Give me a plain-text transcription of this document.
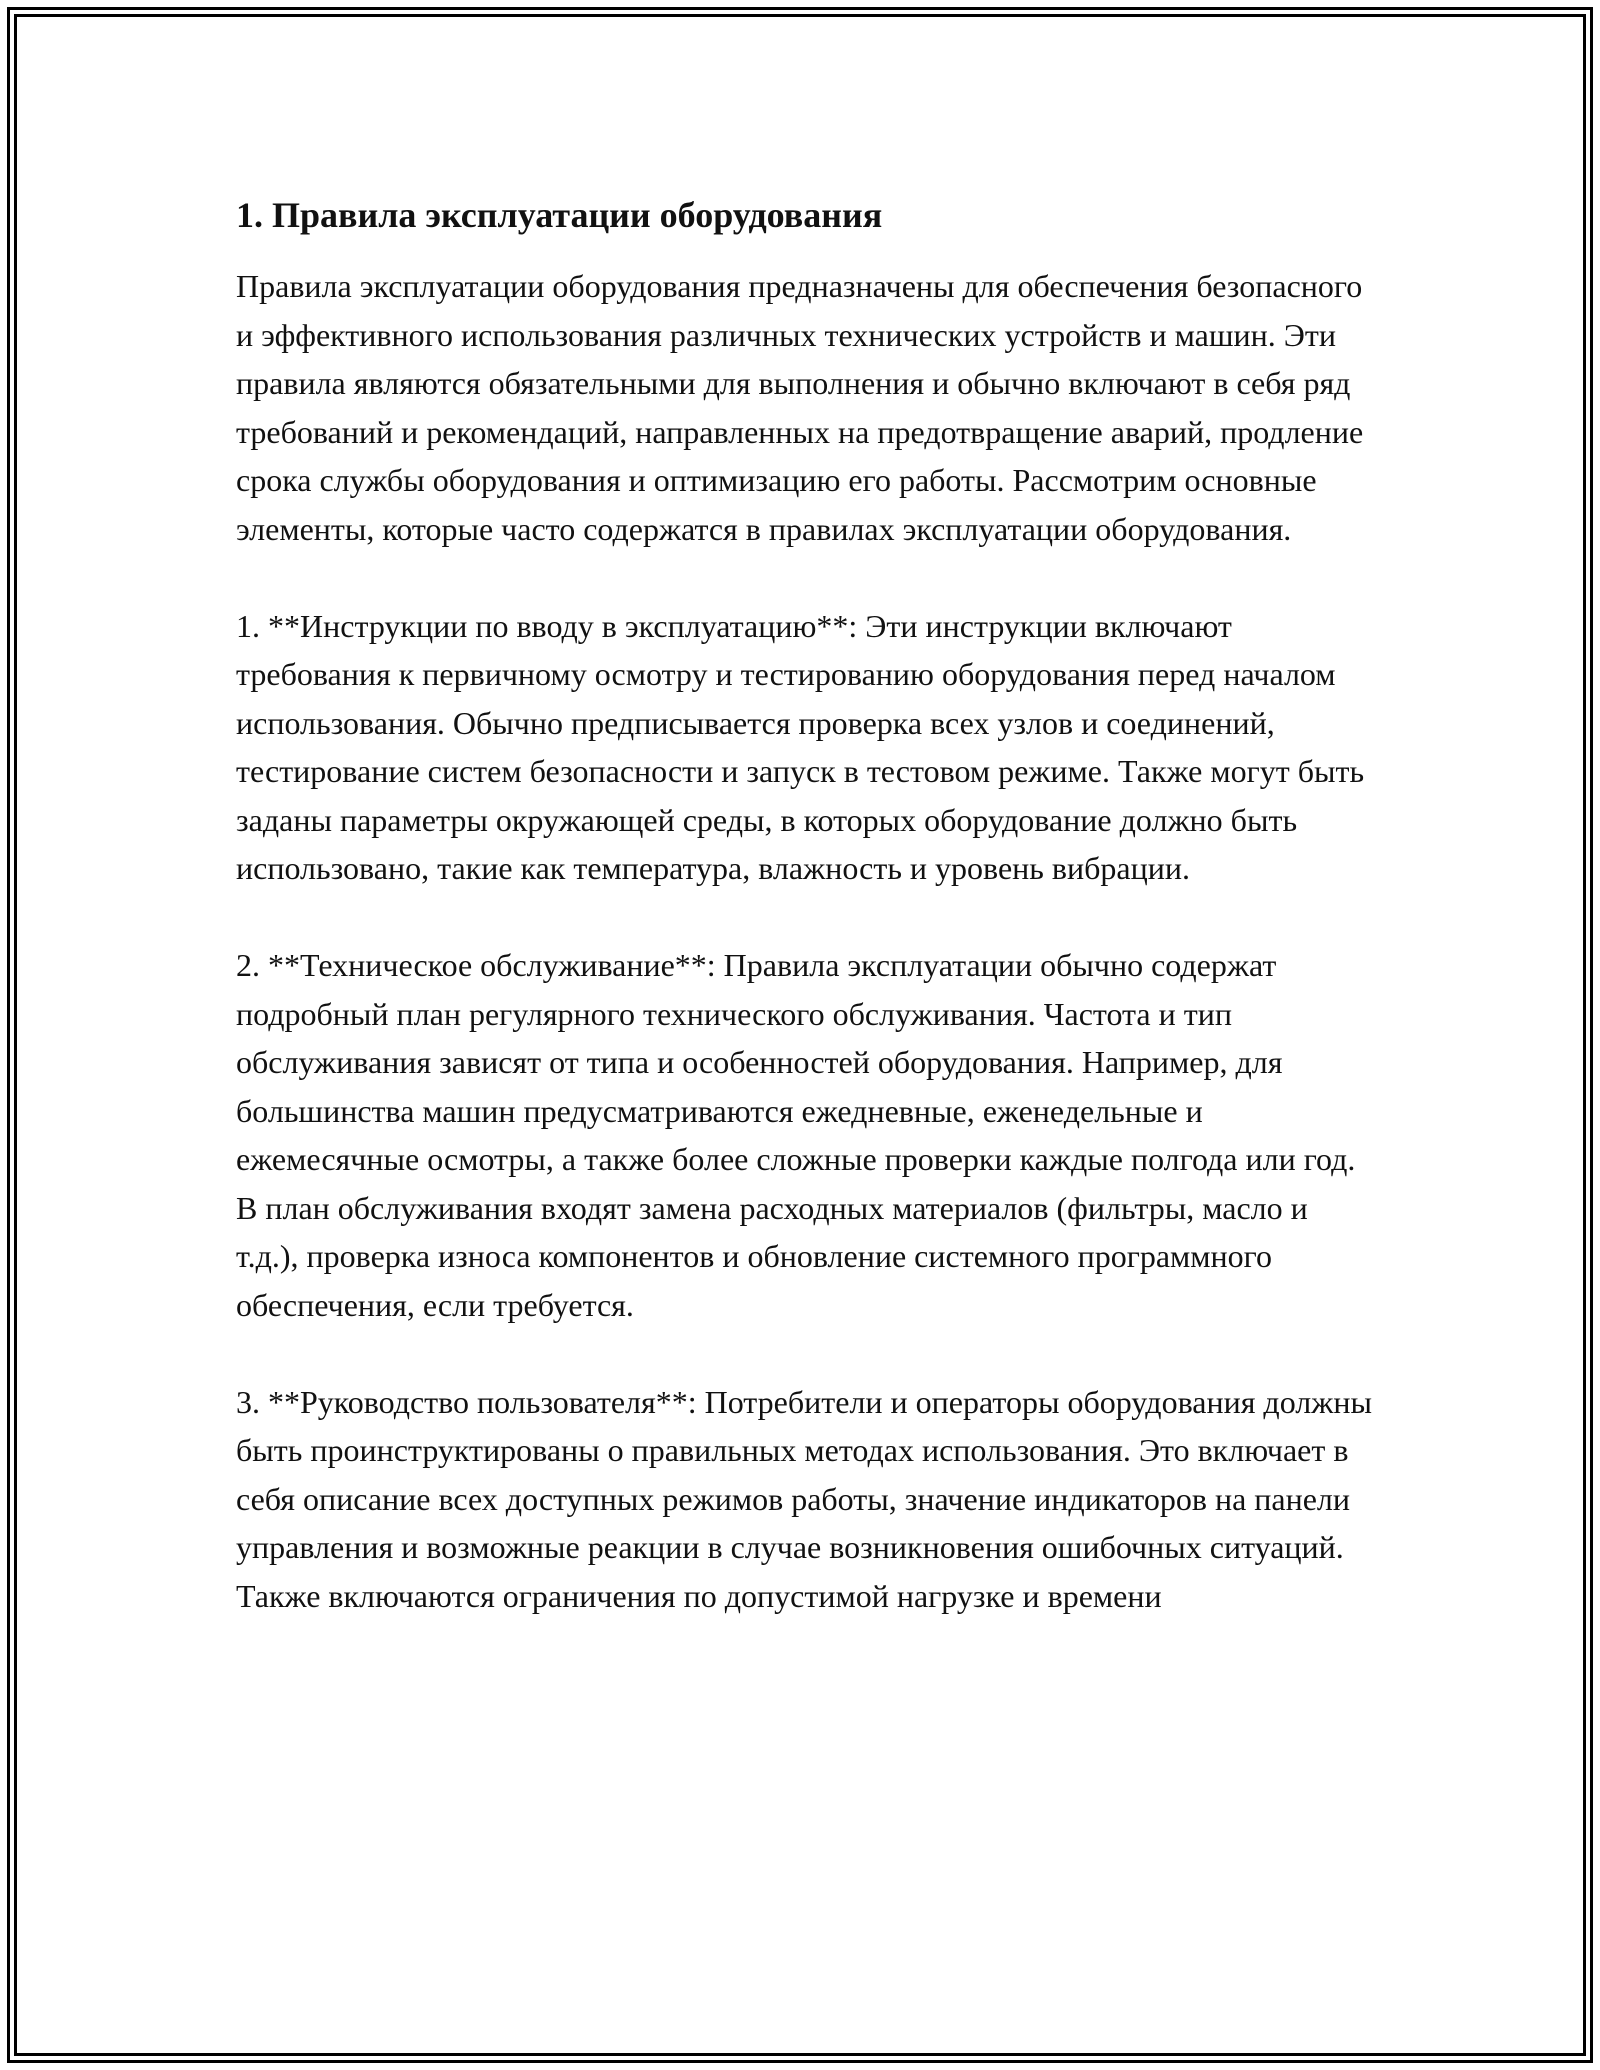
1. Правила эксплуатации оборудования

Правила эксплуатации оборудования предназначены для обеспечения безопасного и эффективного использования различных технических устройств и машин. Эти правила являются обязательными для выполнения и обычно включают в себя ряд требований и рекомендаций, направленных на предотвращение аварий, продление срока службы оборудования и оптимизацию его работы. Рассмотрим основные элементы, которые часто содержатся в правилах эксплуатации оборудования.

1. **Инструкции по вводу в эксплуатацию**: Эти инструкции включают требования к первичному осмотру и тестированию оборудования перед началом использования. Обычно предписывается проверка всех узлов и соединений, тестирование систем безопасности и запуск в тестовом режиме. Также могут быть заданы параметры окружающей среды, в которых оборудование должно быть использовано, такие как температура, влажность и уровень вибрации.

2. **Техническое обслуживание**: Правила эксплуатации обычно содержат подробный план регулярного технического обслуживания. Частота и тип обслуживания зависят от типа и особенностей оборудования. Например, для большинства машин предусматриваются ежедневные, еженедельные и ежемесячные осмотры, а также более сложные проверки каждые полгода или год. В план обслуживания входят замена расходных материалов (фильтры, масло и т.д.), проверка износа компонентов и обновление системного программного обеспечения, если требуется.

3. **Руководство пользователя**: Потребители и операторы оборудования должны быть проинструктированы о правильных методах использования. Это включает в себя описание всех доступных режимов работы, значение индикаторов на панели управления и возможные реакции в случае возникновения ошибочных ситуаций. Также включаются ограничения по допустимой нагрузке и времени
